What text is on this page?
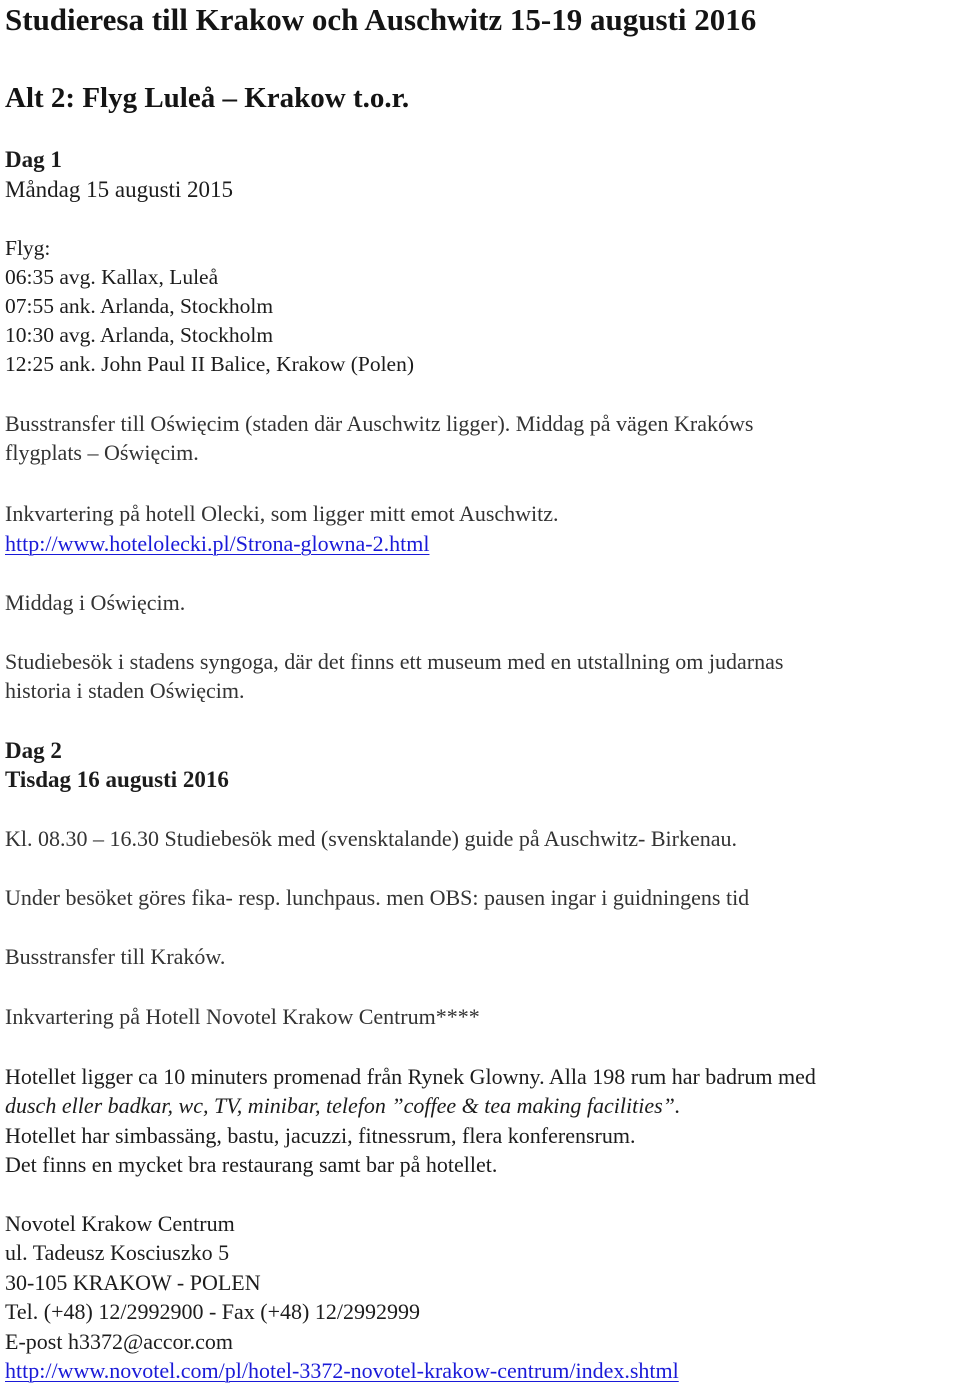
Studieresa till Krakow och Auschwitz 15-19 augusti 2016
Alt 2: Flyg Luleå – Krakow t.o.r.
Dag 1
Måndag 15 augusti 2015
Flyg:
06:35 avg. Kallax, Luleå
07:55 ank. Arlanda, Stockholm
10:30 avg. Arlanda, Stockholm
12:25 ank. John Paul II Balice, Krakow (Polen)
Busstransfer till Oświęcim (staden där Auschwitz ligger). Middag på vägen Krakóws
flygplats – Oświęcim.
Inkvartering på hotell Olecki, som ligger mitt emot Auschwitz.
http://www.hotelolecki.pl/Strona-glowna-2.html
Middag i Oświęcim.
Studiebesök i stadens syngoga, där det finns ett museum med en utstallning om judarnas
historia i staden Oświęcim.
Dag 2
Tisdag 16 augusti 2016
Kl. 08.30 – 16.30 Studiebesök med (svensktalande) guide på Auschwitz- Birkenau.
Under besöket göres fika- resp. lunchpaus. men OBS: pausen ingar i guidningens tid
Busstransfer till Kraków.
Inkvartering på Hotell Novotel Krakow Centrum****
Hotellet ligger ca 10 minuters promenad från Rynek Glowny. Alla 198 rum har badrum med
dusch eller badkar, wc, TV, minibar, telefon ”coffee & tea making facilities”.
Hotellet har simbassäng, bastu, jacuzzi, fitnessrum, flera konferensrum.
Det finns en mycket bra restaurang samt bar på hotellet.
Novotel Krakow Centrum
ul. Tadeusz Kosciuszko 5
30-105 KRAKOW - POLEN
Tel. (+48) 12/2992900 - Fax (+48) 12/2992999
E-post h3372@accor.com
http://www.novotel.com/pl/hotel-3372-novotel-krakow-centrum/index.shtml
